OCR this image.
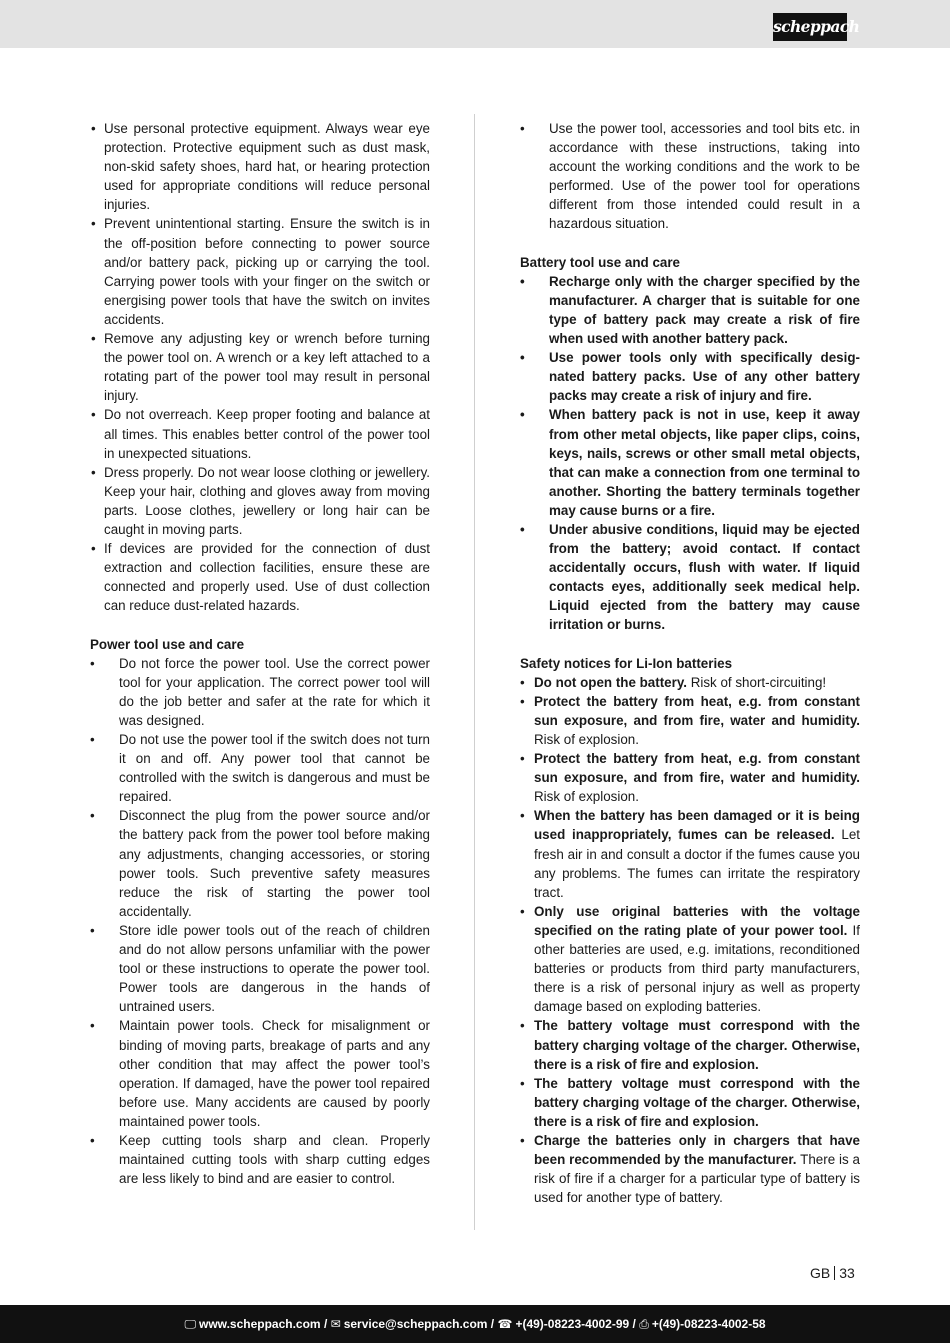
scheppach
• Use personal protective equipment. Always wear eye protection. Protective equipment such as dust mask, non-skid safety shoes, hard hat, or hearing protection used for appropriate conditions will reduce personal injuries.
• Prevent unintentional starting. Ensure the switch is in the off-position before connecting to power source and/or battery pack, picking up or carrying the tool. Carrying power tools with your finger on the switch or energising power tools that have the switch on invites accidents.
• Remove any adjusting key or wrench before turning the power tool on. A wrench or a key left attached to a rotating part of the power tool may result in personal injury.
• Do not overreach. Keep proper footing and balance at all times. This enables better control of the power tool in unexpected situations.
• Dress properly. Do not wear loose clothing or jewellery. Keep your hair, clothing and gloves away from moving parts. Loose clothes, jewellery or long hair can be caught in moving parts.
• If devices are provided for the connection of dust extraction and collection facilities, ensure these are connected and properly used. Use of dust collection can reduce dust-related hazards.

Power tool use and care

• Do not force the power tool. Use the correct power tool for your application. The correct power tool will do the job better and safer at the rate for which it was designed.
• Do not use the power tool if the switch does not turn it on and off. Any power tool that cannot be controlled with the switch is dangerous and must be repaired.
• Disconnect the plug from the power source and/or the battery pack from the power tool before making any adjustments, changing accessories, or storing power tools. Such preventive safety measures reduce the risk of starting the power tool accidentally.
• Store idle power tools out of the reach of children and do not allow persons unfamiliar with the power tool or these instructions to operate the power tool. Power tools are dangerous in the hands of untrained users.
• Maintain power tools. Check for misalignment or binding of moving parts, breakage of parts and any other condition that may affect the power tool’s operation. If damaged, have the power tool repaired before use. Many accidents are caused by poorly maintained power tools.
• Keep cutting tools sharp and clean. Properly maintained cutting tools with sharp cutting edges are less likely to bind and are easier to control.
• Use the power tool, accessories and tool bits etc. in accordance with these instructions, taking into account the working conditions and the work to be performed. Use of the power tool for operations different from those intended could result in a hazardous situation.

Battery tool use and care

• Recharge only with the charger specified by the manufacturer. A charger that is suitable for one type of battery pack may create a risk of fire when used with another battery pack.
• Use power tools only with specifically designated battery packs. Use of any other battery packs may create a risk of injury and fire.
• When battery pack is not in use, keep it away from other metal objects, like paper clips, coins, keys, nails, screws or other small metal objects, that can make a connection from one terminal to another. Shorting the battery terminals together may cause burns or a fire.
• Under abusive conditions, liquid may be ejected from the battery; avoid contact. If contact accidentally occurs, flush with water. If liquid contacts eyes, additionally seek medical help. Liquid ejected from the battery may cause irritation or burns.

Safety notices for Li-Ion batteries

• Do not open the battery. Risk of short-circuiting!
• Protect the battery from heat, e.g. from constant sun exposure, and from fire, water and humidity. Risk of explosion.
• Protect the battery from heat, e.g. from constant sun exposure, and from fire, water and humidity. Risk of explosion.
• When the battery has been damaged or it is being used inappropriately, fumes can be released. Let fresh air in and consult a doctor if the fumes cause you any problems. The fumes can irritate the respiratory tract.
• Only use original batteries with the voltage specified on the rating plate of your power tool. If other batteries are used, e.g. imitations, reconditioned batteries or products from third party manufacturers, there is a risk of personal injury as well as property damage based on exploding batteries.
• The battery voltage must correspond with the battery charging voltage of the charger. Otherwise, there is a risk of fire and explosion.
• The battery voltage must correspond with the battery charging voltage of the charger. Otherwise, there is a risk of fire and explosion.
• Charge the batteries only in chargers that have been recommended by the manufacturer. There is a risk of fire if a charger for a particular type of battery is used for another type of battery.
GB 33
🖵 www.scheppach.com / ✉ service@scheppach.com / ☎ +(49)-08223-4002-99 / ⎙ +(49)-08223-4002-58
